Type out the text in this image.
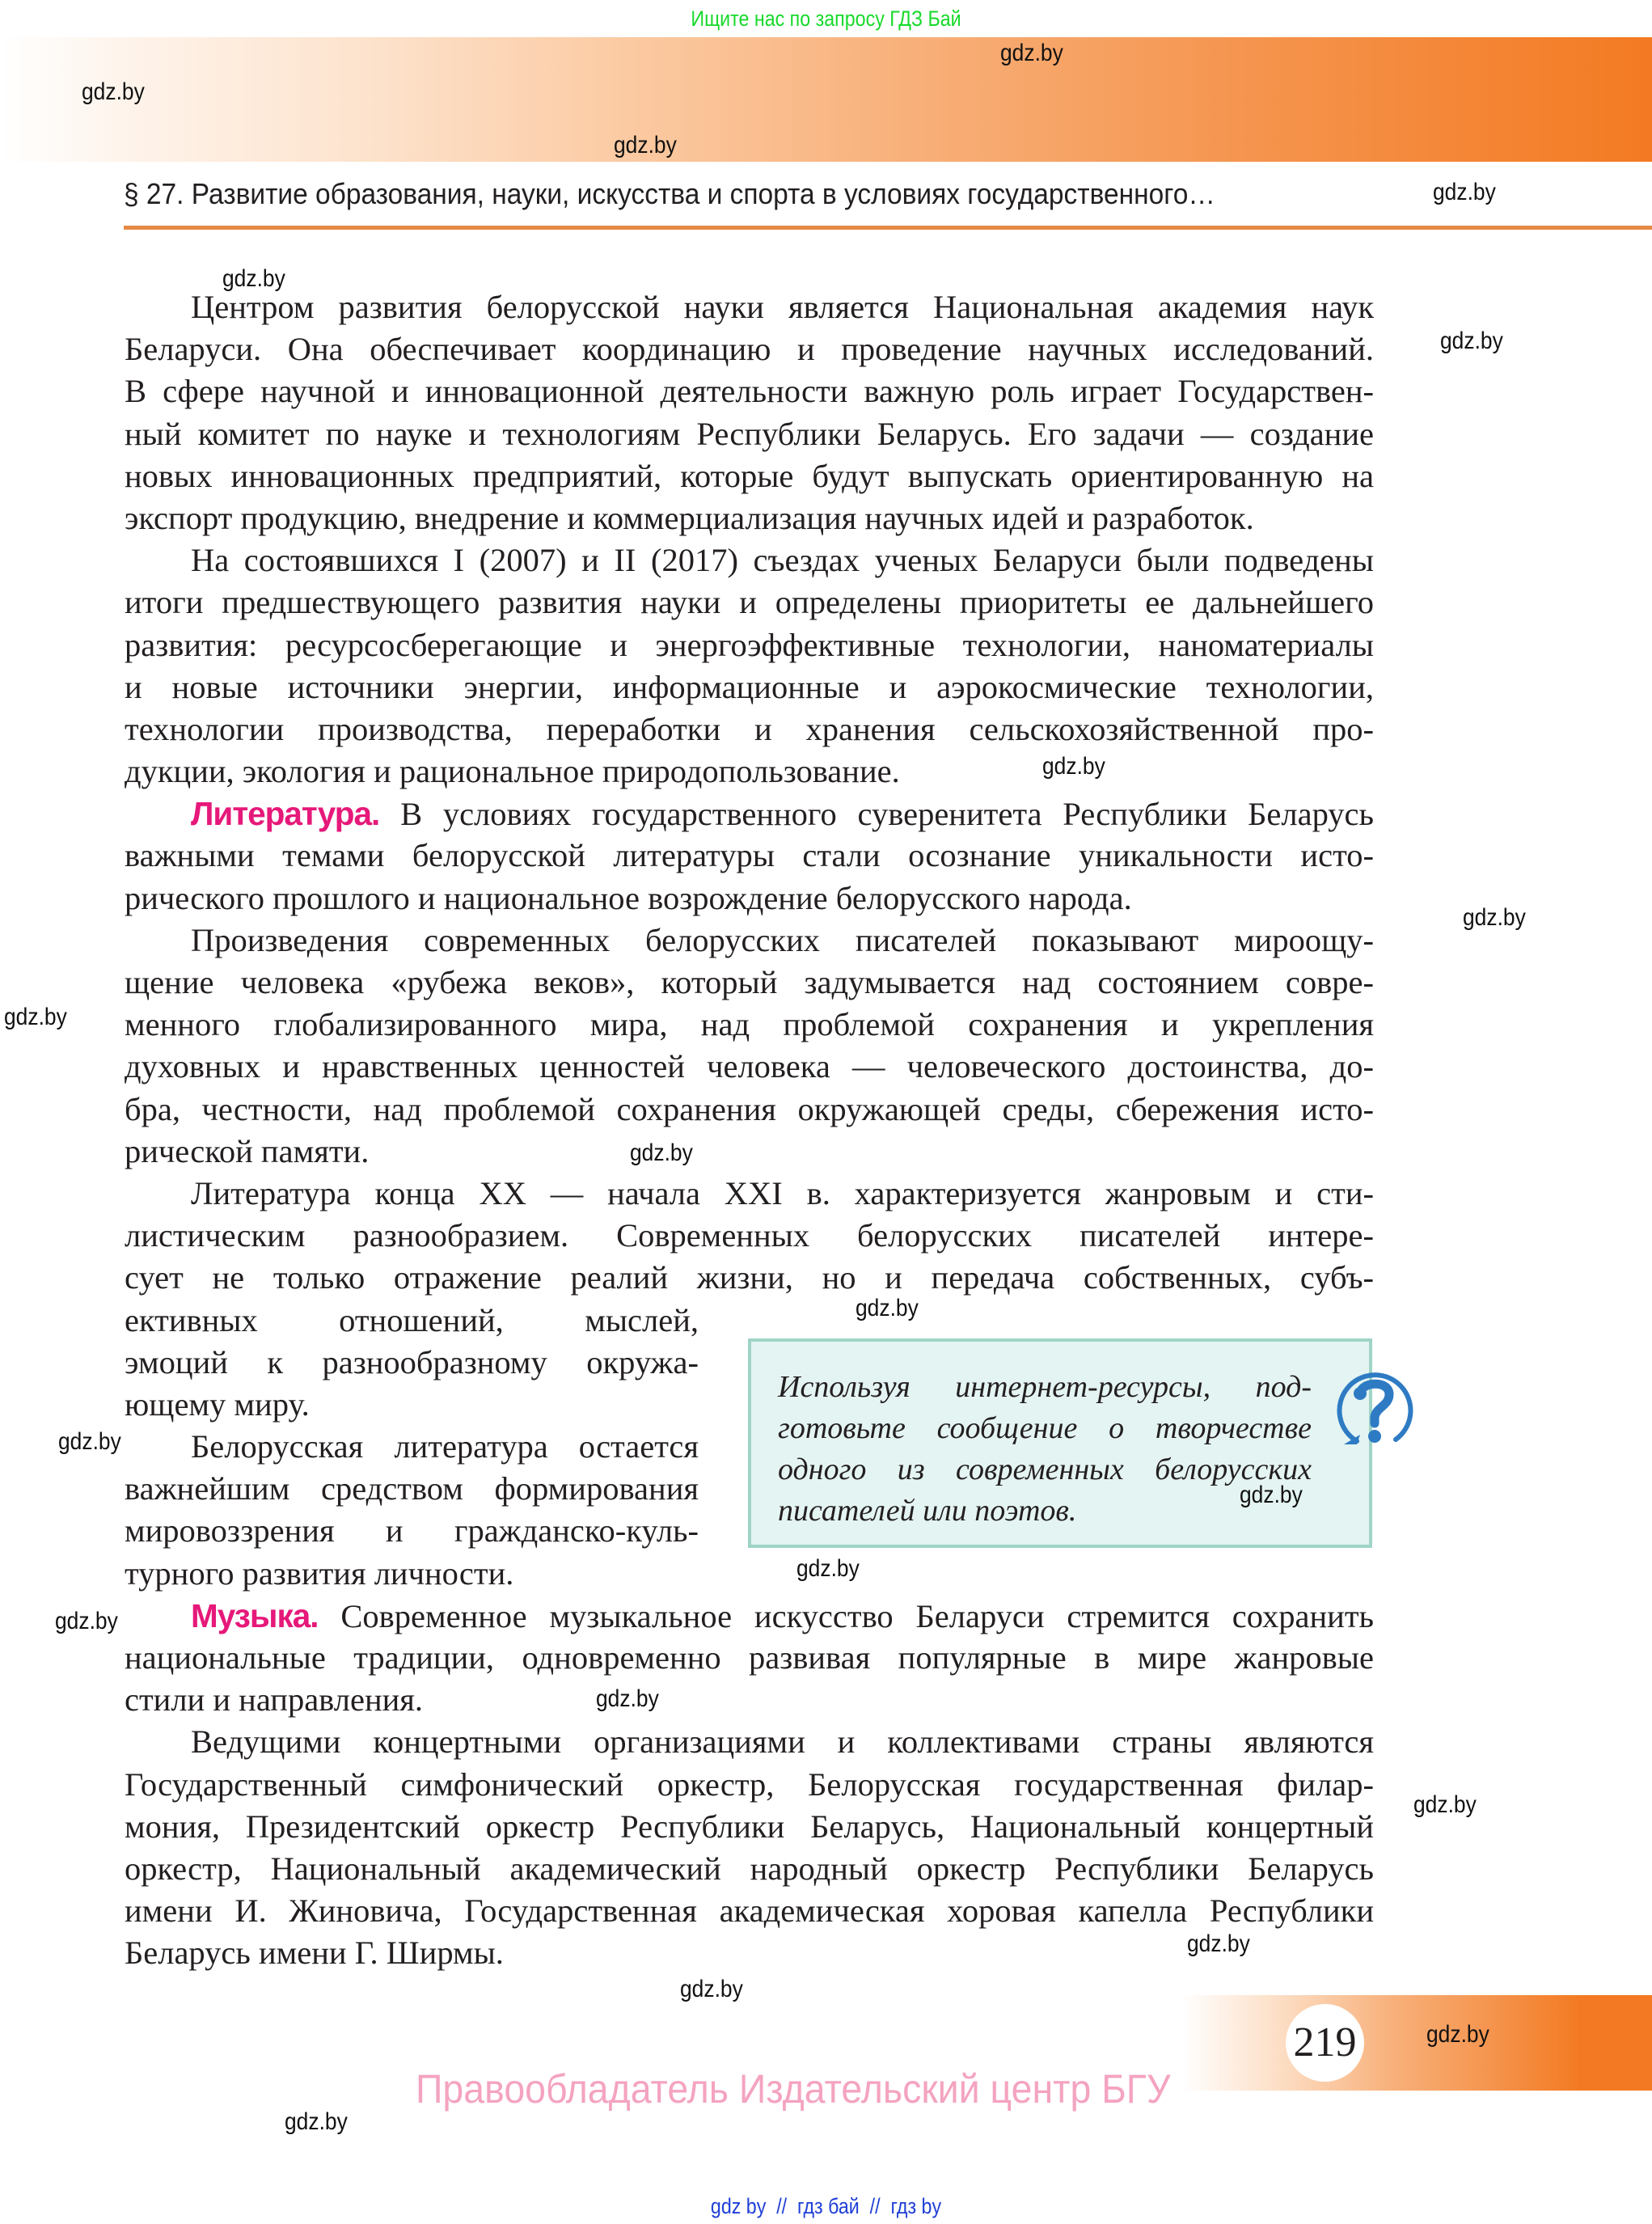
Ищите нас по запросу ГДЗ Бай
§ 27. Развитие образования, науки, искусства и спорта в условиях государственного…
Центром развития белорусской науки является Национальная академия наук
Беларуси. Она обеспечивает координацию и проведение научных исследований.
В сфере научной и инновационной деятельности важную роль играет Государствен-
ный комитет по науке и технологиям Республики Беларусь. Его задачи — создание
новых инновационных предприятий, которые будут выпускать ориентированную на
экспорт продукцию, внедрение и коммерциализация научных идей и разработок.
На состоявшихся I (2007) и II (2017) съездах ученых Беларуси были подведены
итоги предшествующего развития науки и определены приоритеты ее дальнейшего
развития: ресурсосберегающие и энергоэффективные технологии, наноматериалы
и новые источники энергии, информационные и аэрокосмические технологии,
технологии производства, переработки и хранения сельскохозяйственной про-
дукции, экология и рациональное природопользование.
Литература. В условиях государственного суверенитета Республики Беларусь
важными темами белорусской литературы стали осознание уникальности исто-
рического прошлого и национальное возрождение белорусского народа.
Произведения современных белорусских писателей показывают мироощу-
щение человека «рубежа веков», который задумывается над состоянием совре-
менного глобализированного мира, над проблемой сохранения и укрепления
духовных и нравственных ценностей человека — человеческого достоинства, до-
бра, честности, над проблемой сохранения окружающей среды, сбережения исто-
рической памяти.
Литература конца XX — начала XXI в. характеризуется жанровым и сти-
листическим разнообразием. Современных белорусских писателей интере-
сует не только отражение реалий жизни, но и передача собственных, субъ-
ективных отношений, мыслей,
эмоций к разнообразному окружа-
ющему миру.
Белорусская литература остается
важнейшим средством формирования
мировоззрения и гражданско-куль-
турного развития личности.
Музыка. Современное музыкальное искусство Беларуси стремится сохранить
национальные традиции, одновременно развивая популярные в мире жанровые
стили и направления.
Ведущими концертными организациями и коллективами страны являются
Государственный симфонический оркестр, Белорусская государственная филар-
мония, Президентский оркестр Республики Беларусь, Национальный концертный
оркестр, Национальный академический народный оркестр Республики Беларусь
имени И. Жиновича, Государственная академическая хоровая капелла Республики
Беларусь имени Г. Ширмы.
Используя интернет-ресурсы, под-
готовьте сообщение о творчестве
одного из современных белорусских
писателей или поэтов.
219
Правообладатель Издательский центр БГУ
gdz by  //  гдз бай  //  гдз by
gdz.by
gdz.by
gdz.by
gdz.by
gdz.by
gdz.by
gdz.by
gdz.by
gdz.by
gdz.by
gdz.by
gdz.by
gdz.by
gdz.by
gdz.by
gdz.by
gdz.by
gdz.by
gdz.by
gdz.by
gdz.by
